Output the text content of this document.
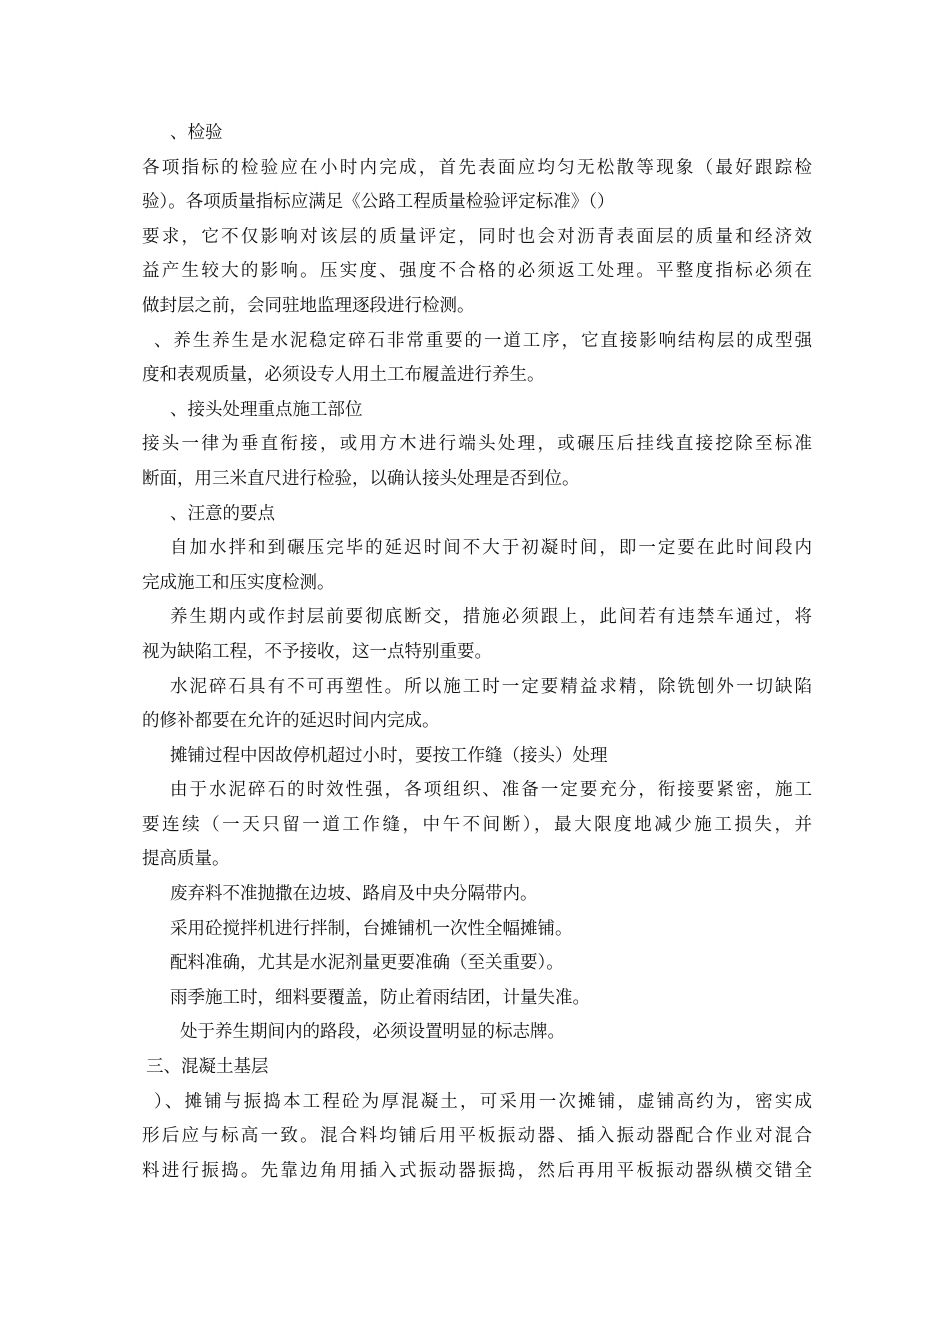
、检验
各项指标的检验应在小时内完成，首先表面应均匀无松散等现象（最好跟踪检
验）。各项质量指标应满足《公路工程质量检验评定标准》（）
要求，它不仅影响对该层的质量评定，同时也会对沥青表面层的质量和经济效
益产生较大的影响。压实度、强度不合格的必须返工处理。平整度指标必须在
做封层之前，会同驻地监理逐段进行检测。
、养生养生是水泥稳定碎石非常重要的一道工序，它直接影响结构层的成型强
度和表观质量，必须设专人用土工布履盖进行养生。
、接头处理重点施工部位
接头一律为垂直衔接，或用方木进行端头处理，或碾压后挂线直接挖除至标准
断面，用三米直尺进行检验，以确认接头处理是否到位。
、汪意的要点
自加水拌和到碾压完毕的延迟时间不大于初凝时间，即一定要在此时间段内
完成施工和压实度检测。
养生期内或作封层前要彻底断交，措施必须跟上，此间若有违禁车通过，将
视为缺陷工程，不予接收，这一点特别重要。
水泥碎石具有不可再塑性。所以施工时一定要精益求精，除铣刨外一切缺陷
的修补都要在允许的延迟时间内完成。
摊铺过程中因故停机超过小时，要按工作缝（接头）处理
由于水泥碎石的时效性强，各项组织、准备一定要充分，衔接要紧密，施工
要连续（一天只留一道工作缝，中午不间断），最大限度地减少施工损失，并
提高质量。
废弃料不准抛撒在边坡、路肩及中央分隔带内。
采用砼搅拌机进行拌制，台摊铺机一次性全幅摊铺。
配料准确，尤其是水泥剂量更要准确（至关重要）。
雨季施工时，细料要覆盖，防止着雨结团，计量失准。
处于养生期间内的路段，必须设置明显的标志牌。
三、混凝土基层
）、摊铺与振捣本工程砼为厚混凝土，可采用一次摊铺，虚铺高约为，密实成
形后应与标高一致。混合料均铺后用平板振动器、插入振动器配合作业对混合
料进行振捣。先靠边角用插入式振动器振捣，然后再用平板振动器纵横交错全
